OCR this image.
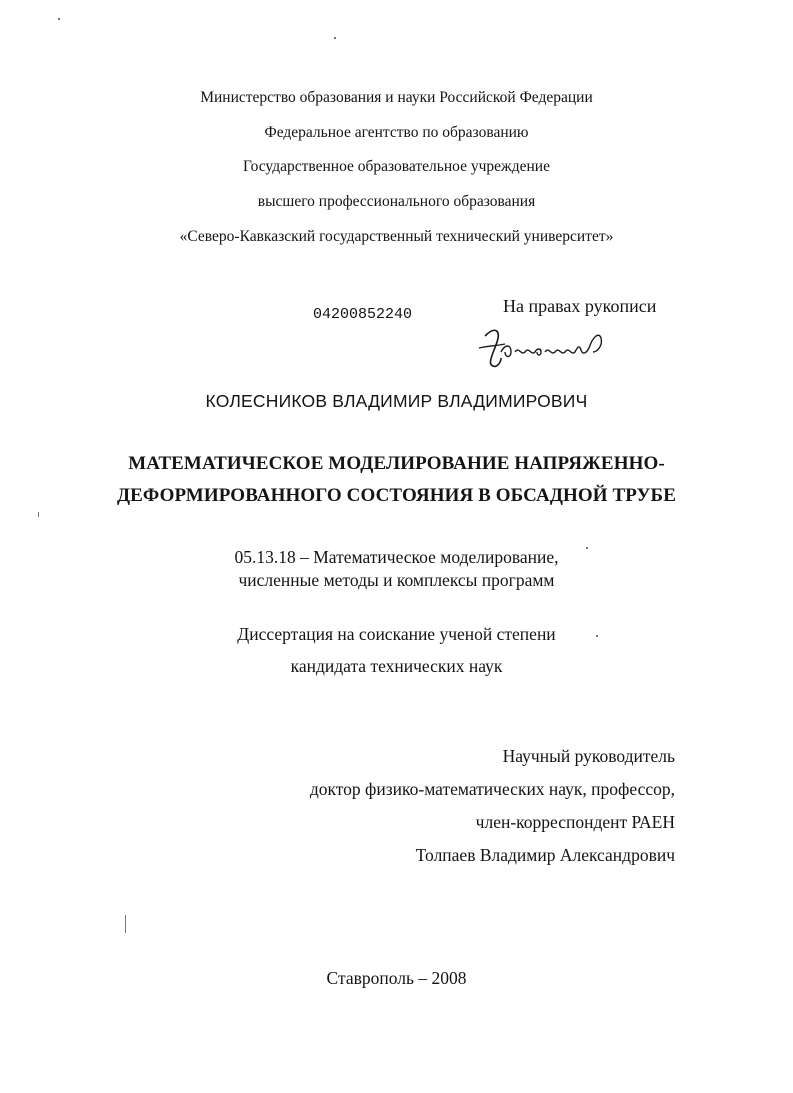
Министерство образования и науки Российской Федерации
Федеральное агентство по образованию
Государственное образовательное учреждение
высшего профессионального образования
«Северо-Кавказский государственный технический университет»
04200852240	На правах рукописи
Колесников
КОЛЕСНИКОВ ВЛАДИМИР ВЛАДИМИРОВИЧ
МАТЕМАТИЧЕСКОЕ МОДЕЛИРОВАНИЕ НАПРЯЖЕННО-
ДЕФОРМИРОВАННОГО СОСТОЯНИЯ В ОБСАДНОЙ ТРУБЕ
05.13.18 – Математическое моделирование,
численные методы и комплексы программ
Диссертация на соискание ученой степени
кандидата технических наук
Научный руководитель
доктор физико-математических наук, профессор,
член-корреспондент РАЕН
Толпаев Владимир Александрович
Ставрополь – 2008
